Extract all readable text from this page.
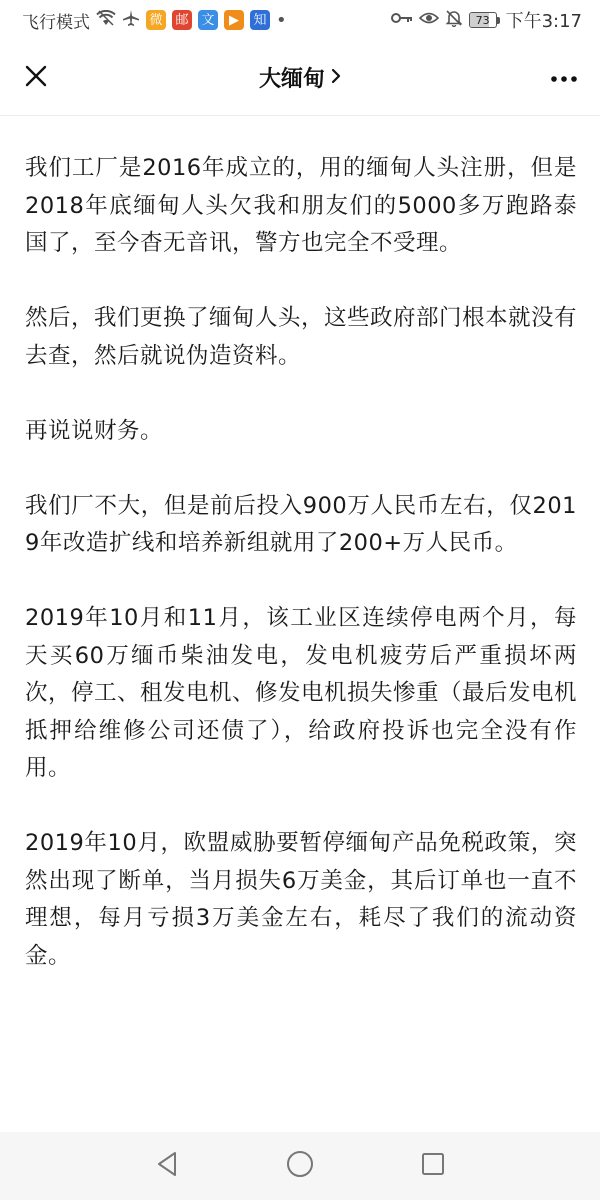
飞行模式	微 邮 文	▶	知 •	73 下午3:17
大缅甸

我们工厂是2016年成立的，用的缅甸人头注册，但是2018年底缅甸人头欠我和朋友们的5000多万跑路泰国了，至今杳无音讯，警方也完全不受理。

然后，我们更换了缅甸人头，这些政府部门根本就没有去查，然后就说伪造资料。

再说说财务。

我们厂不大，但是前后投入900万人民币左右，仅2019年改造扩线和培养新组就用了200+万人民币。

2019年10月和11月，该工业区连续停电两个月，每天买60万缅币柴油发电，发电机疲劳后严重损坏两次，停工、租发电机、修发电机损失惨重（最后发电机抵押给维修公司还债了），给政府投诉也完全没有作用。

2019年10月，欧盟威胁要暂停缅甸产品免税政策，突然出现了断单，当月损失6万美金，其后订单也一直不理想，每月亏损3万美金左右，耗尽了我们的流动资金。
